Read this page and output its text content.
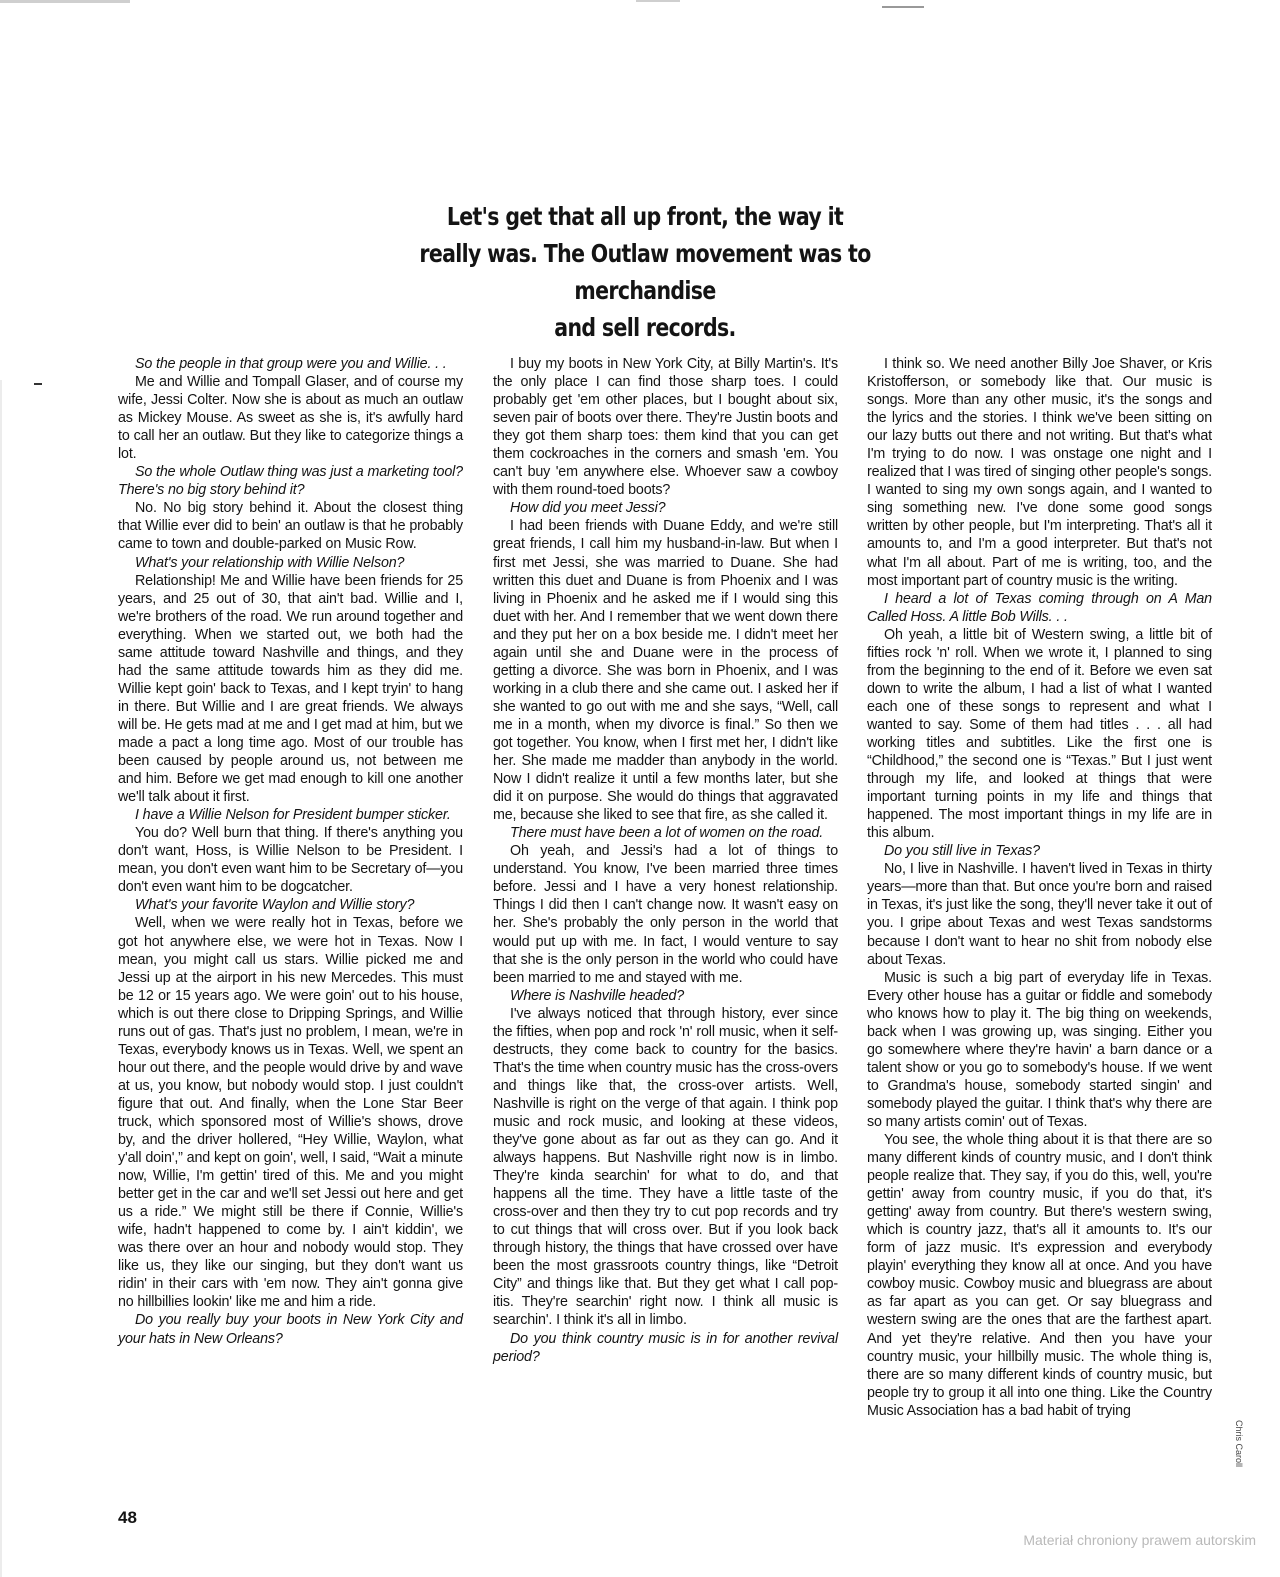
Let's get that all up front, the way it
really was. The Outlaw movement was to merchandise
and sell records.

So the people in that group were you and Willie. . .

Me and Willie and Tompall Glaser, and of course my wife, Jessi Colter. Now she is about as much an outlaw as Mickey Mouse. As sweet as she is, it's awfully hard to call her an outlaw. But they like to categorize things a lot.

So the whole Outlaw thing was just a marketing tool? There's no big story behind it?

No. No big story behind it. About the closest thing that Willie ever did to bein' an outlaw is that he probably came to town and double-parked on Music Row.

What's your relationship with Willie Nelson?

Relationship! Me and Willie have been friends for 25 years, and 25 out of 30, that ain't bad. Willie and I, we're brothers of the road. We run around together and everything. When we started out, we both had the same attitude toward Nashville and things, and they had the same attitude towards him as they did me. Willie kept goin' back to Texas, and I kept tryin' to hang in there. But Willie and I are great friends. We always will be. He gets mad at me and I get mad at him, but we made a pact a long time ago. Most of our trouble has been caused by people around us, not between me and him. Before we get mad enough to kill one another we'll talk about it first.

I have a Willie Nelson for President bumper sticker.

You do? Well burn that thing. If there's anything you don't want, Hoss, is Willie Nelson to be President. I mean, you don't even want him to be Secretary of—you don't even want him to be dogcatcher.

What's your favorite Waylon and Willie story?

Well, when we were really hot in Texas, before we got hot anywhere else, we were hot in Texas. Now I mean, you might call us stars. Willie picked me and Jessi up at the airport in his new Mercedes. This must be 12 or 15 years ago. We were goin' out to his house, which is out there close to Dripping Springs, and Willie runs out of gas. That's just no problem, I mean, we're in Texas, everybody knows us in Texas. Well, we spent an hour out there, and the people would drive by and wave at us, you know, but nobody would stop. I just couldn't figure that out. And finally, when the Lone Star Beer truck, which sponsored most of Willie's shows, drove by, and the driver hollered, “Hey Willie, Waylon, what y'all doin',” and kept on goin', well, I said, “Wait a minute now, Willie, I'm gettin' tired of this. Me and you might better get in the car and we'll set Jessi out here and get us a ride.” We might still be there if Connie, Willie's wife, hadn't happened to come by. I ain't kiddin', we was there over an hour and nobody would stop. They like us, they like our singing, but they don't want us ridin' in their cars with 'em now. They ain't gonna give no hillbillies lookin' like me and him a ride.

Do you really buy your boots in New York City and your hats in New Orleans?

I buy my boots in New York City, at Billy Martin's. It's the only place I can find those sharp toes. I could probably get 'em other places, but I bought about six, seven pair of boots over there. They're Justin boots and they got them sharp toes: them kind that you can get them cockroaches in the corners and smash 'em. You can't buy 'em anywhere else. Whoever saw a cowboy with them round-toed boots?

How did you meet Jessi?

I had been friends with Duane Eddy, and we're still great friends, I call him my husband-in-law. But when I first met Jessi, she was married to Duane. She had written this duet and Duane is from Phoenix and I was living in Phoenix and he asked me if I would sing this duet with her. And I remember that we went down there and they put her on a box beside me. I didn't meet her again until she and Duane were in the process of getting a divorce. She was born in Phoenix, and I was working in a club there and she came out. I asked her if she wanted to go out with me and she says, “Well, call me in a month, when my divorce is final.” So then we got together. You know, when I first met her, I didn't like her. She made me madder than anybody in the world. Now I didn't realize it until a few months later, but she did it on purpose. She would do things that aggravated me, because she liked to see that fire, as she called it.

There must have been a lot of women on the road.

Oh yeah, and Jessi's had a lot of things to understand. You know, I've been married three times before. Jessi and I have a very honest relationship. Things I did then I can't change now. It wasn't easy on her. She's probably the only person in the world that would put up with me. In fact, I would venture to say that she is the only person in the world who could have been married to me and stayed with me.

Where is Nashville headed?

I've always noticed that through history, ever since the fifties, when pop and rock 'n' roll music, when it self-destructs, they come back to country for the basics. That's the time when country music has the cross-overs and things like that, the cross-over artists. Well, Nashville is right on the verge of that again. I think pop music and rock music, and looking at these videos, they've gone about as far out as they can go. And it always happens. But Nashville right now is in limbo. They're kinda searchin' for what to do, and that happens all the time. They have a little taste of the cross-over and then they try to cut pop records and try to cut things that will cross over. But if you look back through history, the things that have crossed over have been the most grassroots country things, like “Detroit City” and things like that. But they get what I call pop-itis. They're searchin' right now. I think all music is searchin'. I think it's all in limbo.

Do you think country music is in for another revival period?

I think so. We need another Billy Joe Shaver, or Kris Kristofferson, or somebody like that. Our music is songs. More than any other music, it's the songs and the lyrics and the stories. I think we've been sitting on our lazy butts out there and not writing. But that's what I'm trying to do now. I was onstage one night and I realized that I was tired of singing other people's songs. I wanted to sing my own songs again, and I wanted to sing something new. I've done some good songs written by other people, but I'm interpreting. That's all it amounts to, and I'm a good interpreter. But that's not what I'm all about. Part of me is writing, too, and the most important part of country music is the writing.

I heard a lot of Texas coming through on A Man Called Hoss. A little Bob Wills. . .

Oh yeah, a little bit of Western swing, a little bit of fifties rock 'n' roll. When we wrote it, I planned to sing from the beginning to the end of it. Before we even sat down to write the album, I had a list of what I wanted each one of these songs to represent and what I wanted to say. Some of them had titles . . . all had working titles and subtitles. Like the first one is “Childhood,” the second one is “Texas.” But I just went through my life, and looked at things that were important turning points in my life and things that happened. The most important things in my life are in this album.

Do you still live in Texas?

No, I live in Nashville. I haven't lived in Texas in thirty years—more than that. But once you're born and raised in Texas, it's just like the song, they'll never take it out of you. I gripe about Texas and west Texas sandstorms because I don't want to hear no shit from nobody else about Texas.

Music is such a big part of everyday life in Texas. Every other house has a guitar or fiddle and somebody who knows how to play it. The big thing on weekends, back when I was growing up, was singing. Either you go somewhere where they're havin' a barn dance or a talent show or you go to somebody's house. If we went to Grandma's house, somebody started singin' and somebody played the guitar. I think that's why there are so many artists comin' out of Texas.

You see, the whole thing about it is that there are so many different kinds of country music, and I don't think people realize that. They say, if you do this, well, you're gettin' away from country music, if you do that, it's getting' away from country. But there's western swing, which is country jazz, that's all it amounts to. It's our form of jazz music. It's expression and everybody playin' everything they know all at once. And you have cowboy music. Cowboy music and bluegrass are about as far apart as you can get. Or say bluegrass and western swing are the ones that are the farthest apart. And yet they're relative. And then you have your country music, your hillbilly music. The whole thing is, there are so many different kinds of country music, but people try to group it all into one thing. Like the Country Music Association has a bad habit of trying

48
Chris Caroll
Materiał chroniony prawem autorskim
